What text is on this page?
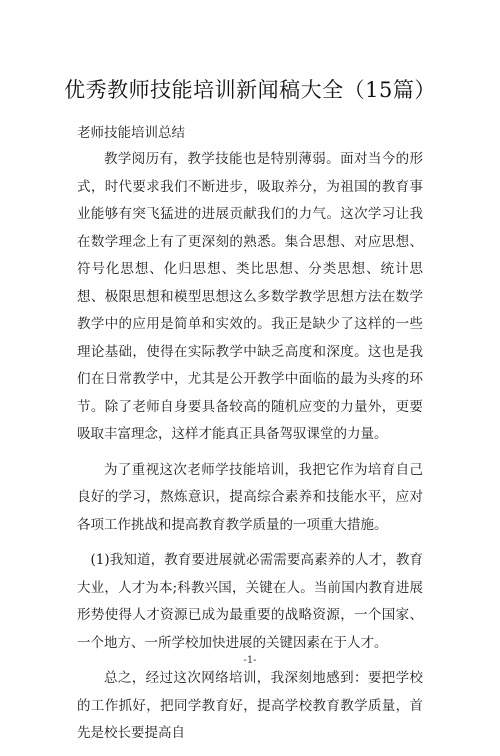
优秀教师技能培训新闻稿大全（15篇）
老师技能培训总结

教学阅历有，教学技能也是特别薄弱。面对当今的形式，时代要求我们不断进步，吸取养分，为祖国的教育事业能够有突飞猛进的进展贡献我们的力气。这次学习让我在数学理念上有了更深刻的熟悉。集合思想、对应思想、符号化思想、化归思想、类比思想、分类思想、统计思想、极限思想和模型思想这么多数学教学思想方法在数学教学中的应用是简单和实效的。我正是缺少了这样的一些理论基础，使得在实际教学中缺乏高度和深度。这也是我们在日常教学中，尤其是公开教学中面临的最为头疼的环节。除了老师自身要具备较高的随机应变的力量外，更要吸取丰富理念，这样才能真正具备驾驭课堂的力量。

为了重视这次老师学技能培训，我把它作为培育自己良好的学习，熬炼意识，提高综合素养和技能水平，应对各项工作挑战和提高教育教学质量的一项重大措施。

(1)我知道，教育要进展就必需需要高素养的人才，教育大业，人才为本;科教兴国，关键在人。当前国内教育进展形势使得人才资源已成为最重要的战略资源，一个国家、一个地方、一所学校加快进展的关键因素在于人才。

总之，经过这次网络培训，我深刻地感到：要把学校的工作抓好，把同学教育好，提高学校教育教学质量，首先是校长要提高自

-1-
